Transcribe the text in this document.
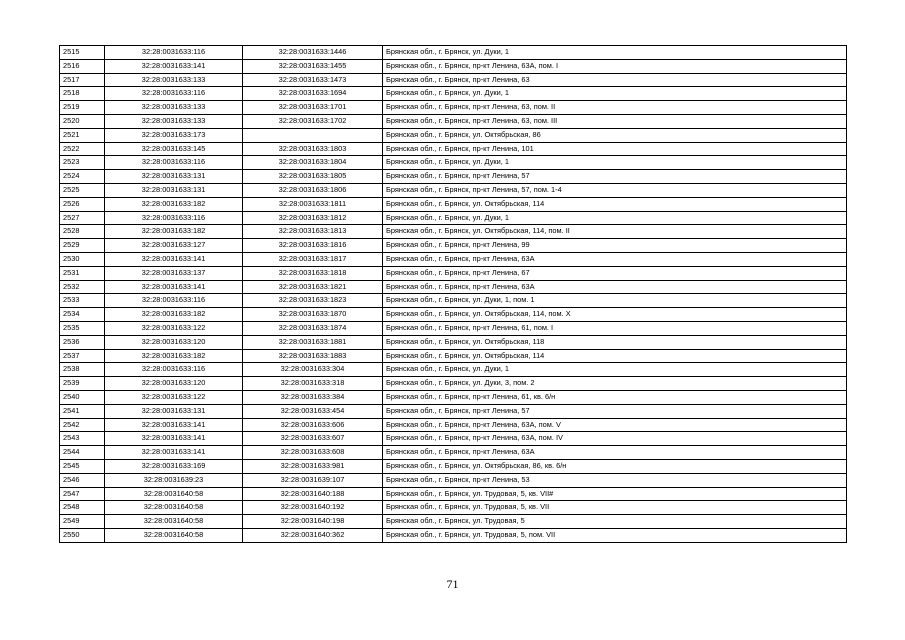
2515	32:28:0031633:116	32:28:0031633:1446	Брянская обл., г. Брянск, ул. Дуки, 1
2516	32:28:0031633:141	32:28:0031633:1455	Брянская обл., г. Брянск, пр-кт Ленина, 63А, пом. I
2517	32:28:0031633:133	32:28:0031633:1473	Брянская обл., г. Брянск, пр-кт Ленина, 63
2518	32:28:0031633:116	32:28:0031633:1694	Брянская обл., г. Брянск, ул. Дуки, 1
2519	32:28:0031633:133	32:28:0031633:1701	Брянская обл., г. Брянск, пр-кт Ленина, 63, пом. II
2520	32:28:0031633:133	32:28:0031633:1702	Брянская обл., г. Брянск, пр-кт Ленина, 63, пом. III
2521	32:28:0031633:173		Брянская обл., г. Брянск, ул. Октябрьская, 86
2522	32:28:0031633:145	32:28:0031633:1803	Брянская обл., г. Брянск, пр-кт Ленина, 101
2523	32:28:0031633:116	32:28:0031633:1804	Брянская обл., г. Брянск, ул. Дуки, 1
2524	32:28:0031633:131	32:28:0031633:1805	Брянская обл., г. Брянск, пр-кт Ленина, 57
2525	32:28:0031633:131	32:28:0031633:1806	Брянская обл., г. Брянск, пр-кт Ленина, 57, пом. 1-4
2526	32:28:0031633:182	32:28:0031633:1811	Брянская обл., г. Брянск, ул. Октябрьская, 114
2527	32:28:0031633:116	32:28:0031633:1812	Брянская обл., г. Брянск, ул. Дуки, 1
2528	32:28:0031633:182	32:28:0031633:1813	Брянская обл., г. Брянск, ул. Октябрьская, 114, пом. II
2529	32:28:0031633:127	32:28:0031633:1816	Брянская обл., г. Брянск, пр-кт Ленина, 99
2530	32:28:0031633:141	32:28:0031633:1817	Брянская обл., г. Брянск, пр-кт Ленина, 63А
2531	32:28:0031633:137	32:28:0031633:1818	Брянская обл., г. Брянск, пр-кт Ленина, 67
2532	32:28:0031633:141	32:28:0031633:1821	Брянская обл., г. Брянск, пр-кт Ленина, 63А
2533	32:28:0031633:116	32:28:0031633:1823	Брянская обл., г. Брянск, ул. Дуки, 1, пом. 1
2534	32:28:0031633:182	32:28:0031633:1870	Брянская обл., г. Брянск, ул. Октябрьская, 114, пом. X
2535	32:28:0031633:122	32:28:0031633:1874	Брянская обл., г. Брянск, пр-кт Ленина, 61, пом. I
2536	32:28:0031633:120	32:28:0031633:1881	Брянская обл., г. Брянск, ул. Октябрьская, 118
2537	32:28:0031633:182	32:28:0031633:1883	Брянская обл., г. Брянск, ул. Октябрьская, 114
2538	32:28:0031633:116	32:28:0031633:304	Брянская обл., г. Брянск, ул. Дуки, 1
2539	32:28:0031633:120	32:28:0031633:318	Брянская обл., г. Брянск, ул. Дуки, 3, пом. 2
2540	32:28:0031633:122	32:28:0031633:384	Брянская обл., г. Брянск, пр-кт Ленина, 61, кв. 6/н
2541	32:28:0031633:131	32:28:0031633:454	Брянская обл., г. Брянск, пр-кт Ленина, 57
2542	32:28:0031633:141	32:28:0031633:606	Брянская обл., г. Брянск, пр-кт Ленина, 63А, пом. V
2543	32:28:0031633:141	32:28:0031633:607	Брянская обл., г. Брянск, пр-кт Ленина, 63А, пом. IV
2544	32:28:0031633:141	32:28:0031633:608	Брянская обл., г. Брянск, пр-кт Ленина, 63А
2545	32:28:0031633:169	32:28:0031633:981	Брянская обл., г. Брянск, ул. Октябрьская, 86, кв. 6/н
2546	32:28:0031639:23	32:28:0031639:107	Брянская обл., г. Брянск, пр-кт Ленина, 53
2547	32:28:0031640:58	32:28:0031640:188	Брянская обл., г. Брянск, ул. Трудовая, 5, кв. VII#
2548	32:28:0031640:58	32:28:0031640:192	Брянская обл., г. Брянск, ул. Трудовая, 5, кв. VII
2549	32:28:0031640:58	32:28:0031640:198	Брянская обл., г. Брянск, ул. Трудовая, 5
2550	32:28:0031640:58	32:28:0031640:362	Брянская обл., г. Брянск, ул. Трудовая, 5, пом. VII
71
